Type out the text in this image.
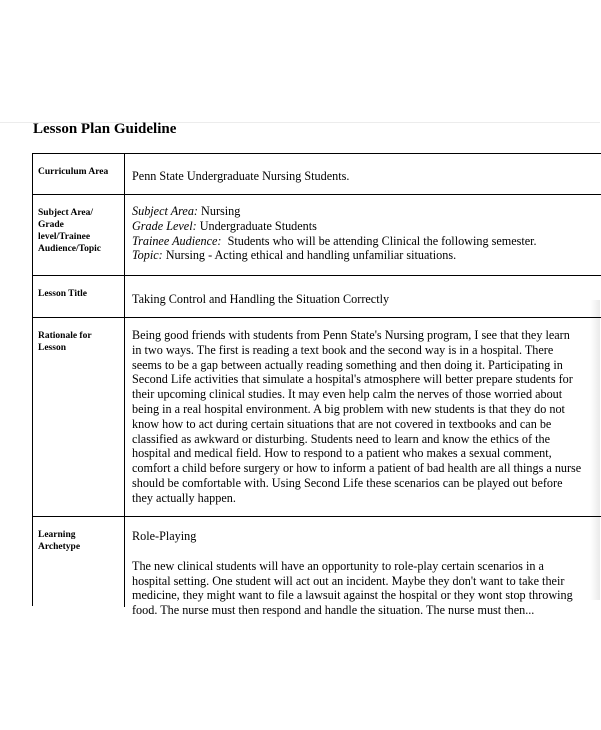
Lesson Plan Guideline
Curriculum Area	Penn State Undergraduate Nursing Students.

Subject Area/
Grade
level/Trainee
Audience/Topic

Subject Area: Nursing

Grade Level: Undergraduate Students

Trainee Audience:  Students who will be attending Clinical the following semester.

Topic: Nursing - Acting ethical and handling unfamiliar situations.

Lesson Title	Taking Control and Handling the Situation Correctly

Rationale for
Lesson

Being good friends with students from Penn State's Nursing program, I see that they learn

in two ways. The first is reading a text book and the second way is in a hospital. There

seems to be a gap between actually reading something and then doing it. Participating in

Second Life activities that simulate a hospital's atmosphere will better prepare students for

their upcoming clinical studies. It may even help calm the nerves of those worried about

being in a real hospital environment. A big problem with new students is that they do not

know how to act during certain situations that are not covered in textbooks and can be

classified as awkward or disturbing. Students need to learn and know the ethics of the

hospital and medical field. How to respond to a patient who makes a sexual comment,

comfort a child before surgery or how to inform a patient of bad health are all things a nurse

should be comfortable with. Using Second Life these scenarios can be played out before

they actually happen.

Learning
Archetype

Role-Playing

The new clinical students will have an opportunity to role-play certain scenarios in a

hospital setting. One student will act out an incident. Maybe they don't want to take their

medicine, they might want to file a lawsuit against the hospital or they wont stop throwing

food. The nurse must then respond and handle the situation. The nurse must then...
